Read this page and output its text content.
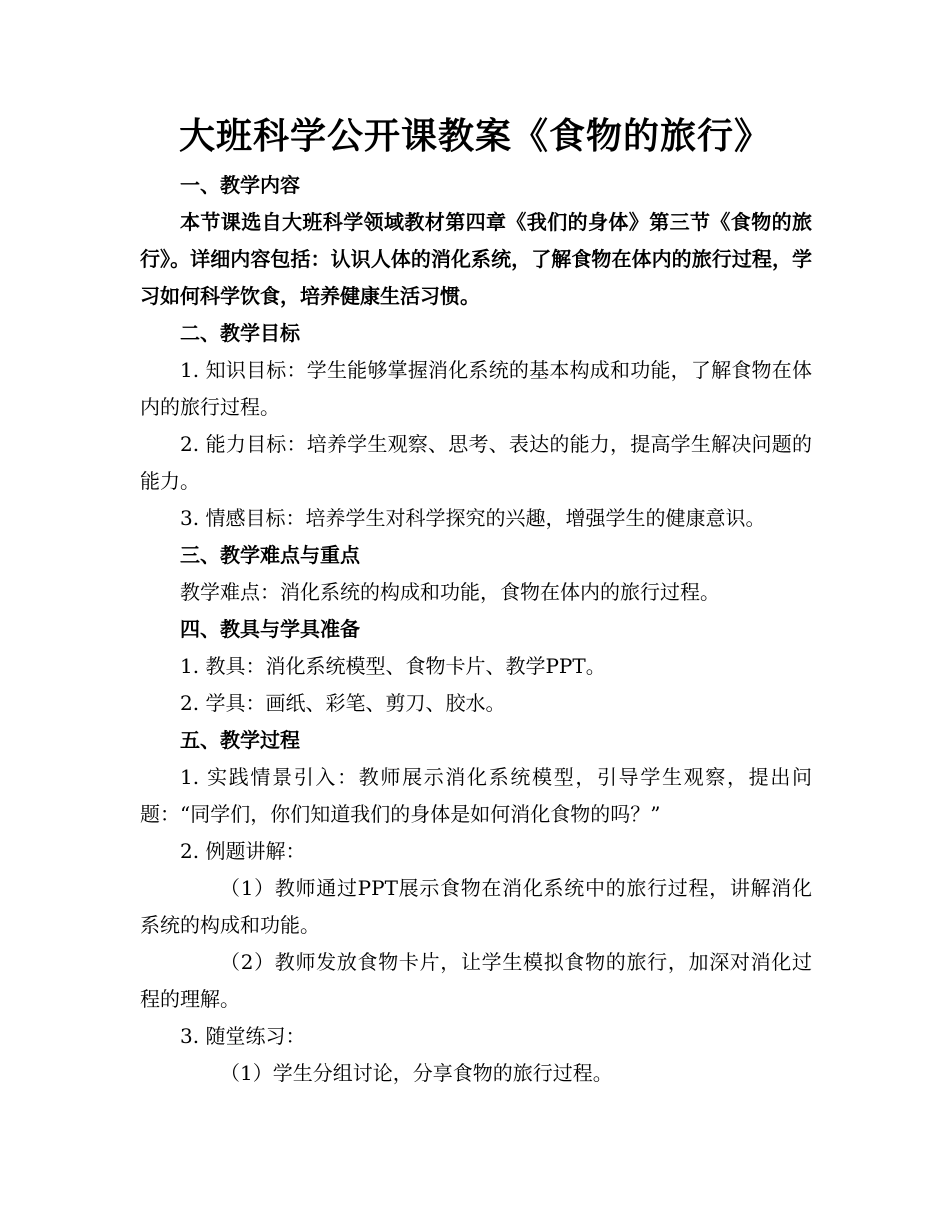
大班科学公开课教案《食物的旅行》

一、教学内容

本节课选自大班科学领域教材第四章《我们的身体》第三节《食物的旅行》。详细内容包括：认识人体的消化系统，了解食物在体内的旅行过程，学习如何科学饮食，培养健康生活习惯。

二、教学目标

1. 知识目标：学生能够掌握消化系统的基本构成和功能，了解食物在体内的旅行过程。

2. 能力目标：培养学生观察、思考、表达的能力，提高学生解决问题的能力。

3. 情感目标：培养学生对科学探究的兴趣，增强学生的健康意识。

三、教学难点与重点

教学难点：消化系统的构成和功能，食物在体内的旅行过程。

四、教具与学具准备

1. 教具：消化系统模型、食物卡片、教学PPT。

2. 学具：画纸、彩笔、剪刀、胶水。

五、教学过程

1. 实践情景引入：教师展示消化系统模型，引导学生观察，提出问题：“同学们，你们知道我们的身体是如何消化食物的吗？”

2. 例题讲解：

（1）教师通过PPT展示食物在消化系统中的旅行过程，讲解消化系统的构成和功能。

（2）教师发放食物卡片，让学生模拟食物的旅行，加深对消化过程的理解。

3. 随堂练习：

（1）学生分组讨论，分享食物的旅行过程。
